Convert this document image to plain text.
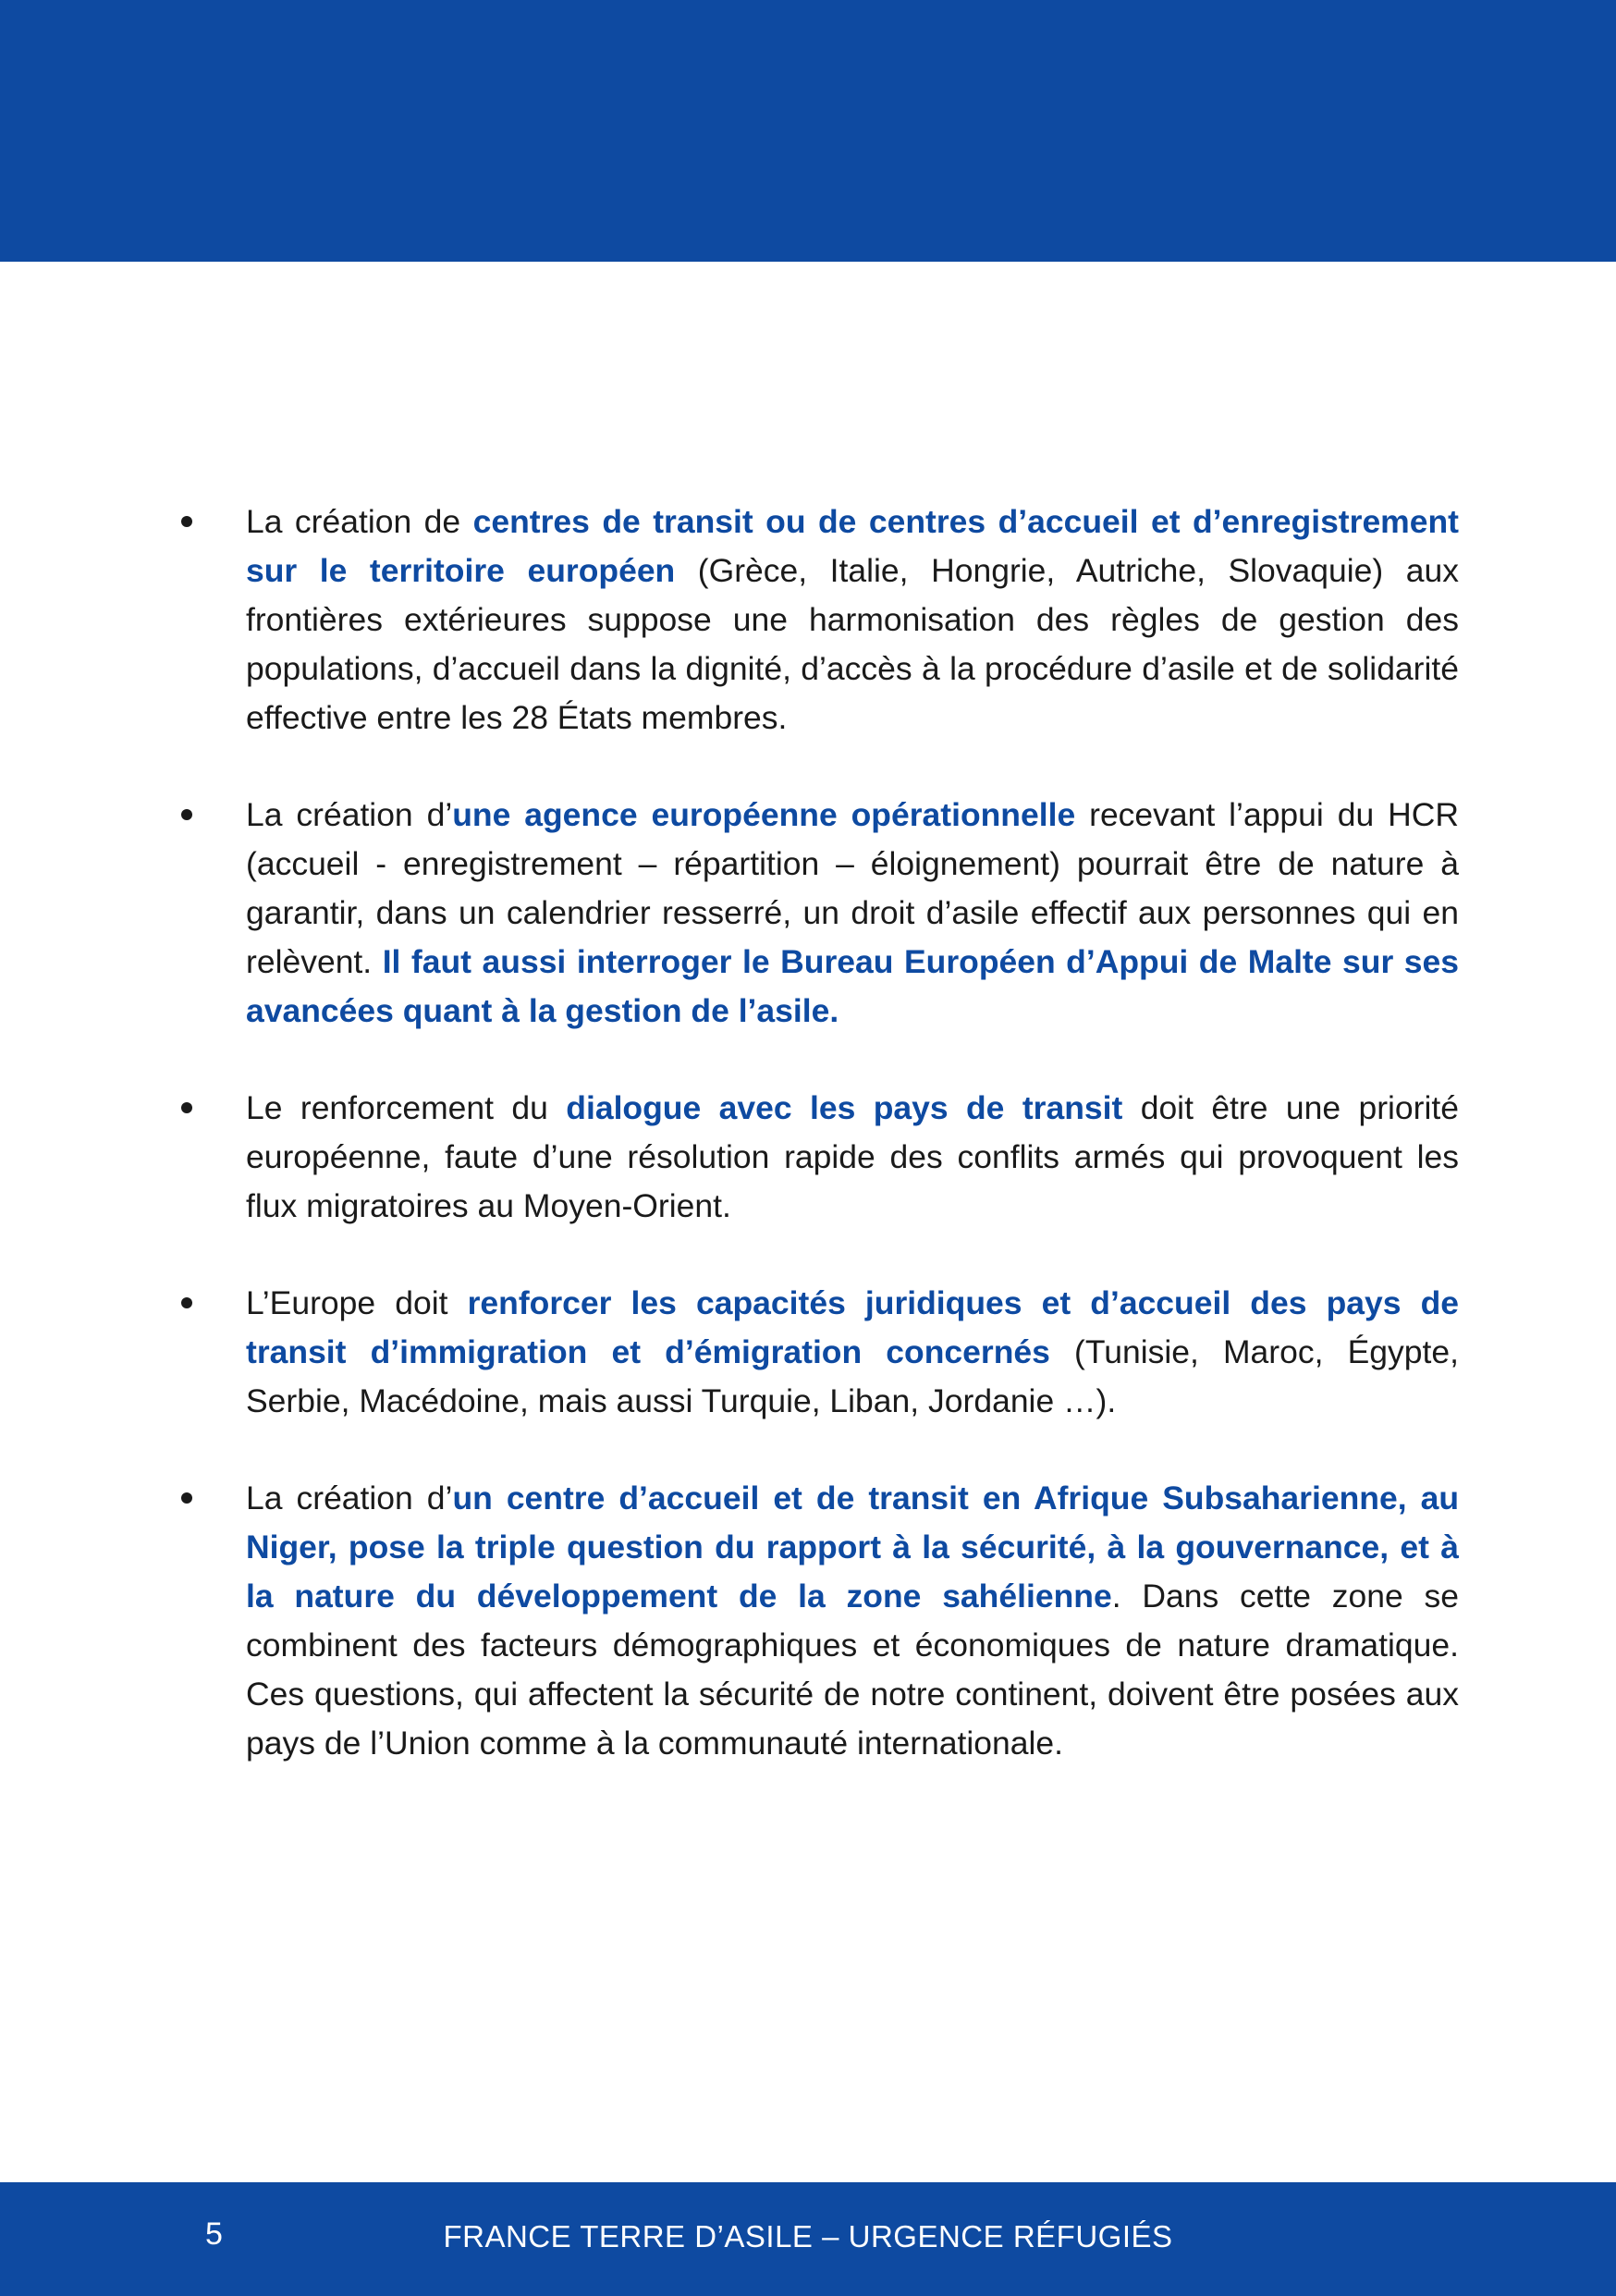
La création de centres de transit ou de centres d’accueil et d’enregistrement sur le territoire européen (Grèce, Italie, Hongrie, Autriche, Slovaquie) aux frontières extérieures suppose une harmonisation des règles de gestion des populations, d’accueil dans la dignité, d’accès à la procédure d’asile et de solidarité effective entre les 28 États membres.

La création d’une agence européenne opérationnelle recevant l’appui du HCR (accueil - enregistrement – répartition – éloignement) pourrait être de nature à garantir, dans un calendrier resserré, un droit d’asile effectif aux personnes qui en relèvent. Il faut aussi interroger le Bureau Européen d’Appui de Malte sur ses avancées quant à la gestion de l’asile.

Le renforcement du dialogue avec les pays de transit doit être une priorité européenne, faute d’une résolution rapide des conflits armés qui provoquent les flux migratoires au Moyen-Orient.

L’Europe doit renforcer les capacités juridiques et d’accueil des pays de transit d’immigration et d’émigration concernés (Tunisie, Maroc, Égypte, Serbie, Macédoine, mais aussi Turquie, Liban, Jordanie …).

La création d’un centre d’accueil et de transit en Afrique Subsaharienne, au Niger, pose la triple question du rapport à la sécurité, à la gouvernance, et à la nature du développement de la zone sahélienne. Dans cette zone se combinent des facteurs démographiques et économiques de nature dramatique. Ces questions, qui affectent la sécurité de notre continent, doivent être posées aux pays de l’Union comme à la communauté internationale.

5	FRANCE TERRE D’ASILE – URGENCE RÉFUGIÉS
